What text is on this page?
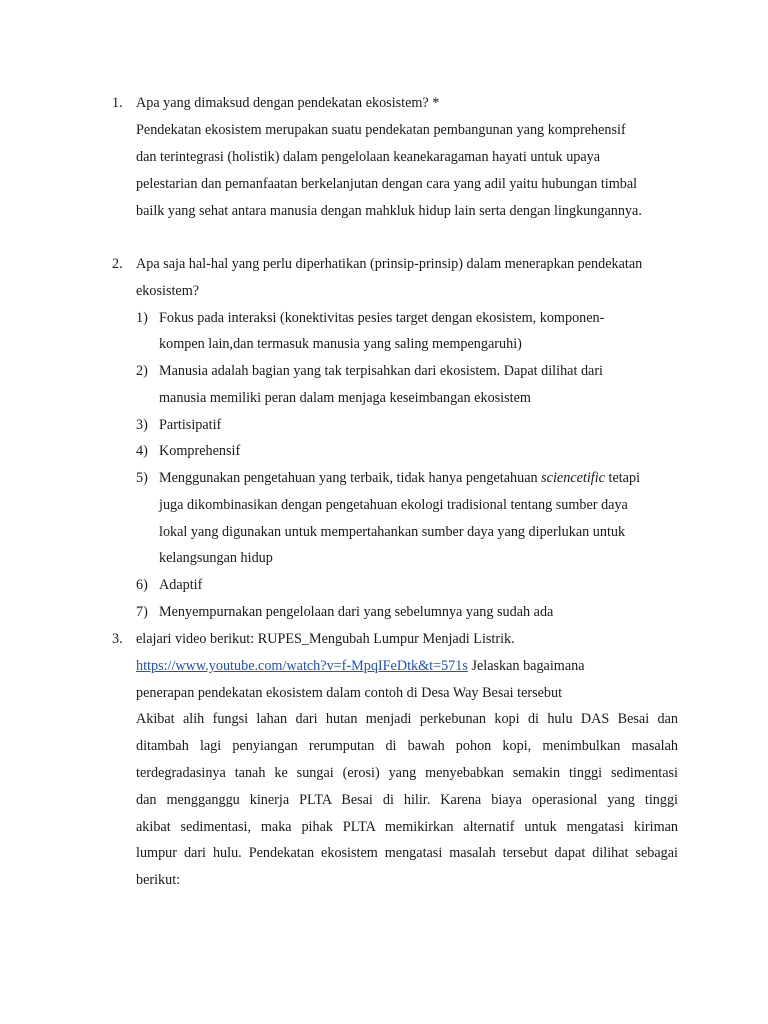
1. Apa yang dimaksud dengan pendekatan ekosistem? *
Pendekatan ekosistem merupakan suatu pendekatan pembangunan yang komprehensif
dan terintegrasi (holistik) dalam pengelolaan keanekaragaman hayati untuk upaya
pelestarian dan pemanfaatan berkelanjutan dengan cara yang adil yaitu hubungan timbal
bailk yang sehat antara manusia dengan mahkluk hidup lain serta dengan lingkungannya.
2. Apa saja hal-hal yang perlu diperhatikan (prinsip-prinsip) dalam menerapkan pendekatan
ekosistem?
1) Fokus pada interaksi (konektivitas pesies target dengan ekosistem, komponen-
kompen lain,dan termasuk manusia yang saling mempengaruhi)
2) Manusia adalah bagian yang tak terpisahkan dari ekosistem. Dapat dilihat dari
manusia memiliki peran dalam menjaga keseimbangan ekosistem
3) Partisipatif
4) Komprehensif
5) Menggunakan pengetahuan yang terbaik, tidak hanya pengetahuan sciencetific tetapi
juga dikombinasikan dengan pengetahuan ekologi tradisional tentang sumber daya
lokal yang digunakan untuk mempertahankan sumber daya yang diperlukan untuk
kelangsungan hidup
6) Adaptif
7) Menyempurnakan pengelolaan dari yang sebelumnya yang sudah ada
3. elajari video berikut: RUPES_Mengubah Lumpur Menjadi Listrik.
https://www.youtube.com/watch?v=f-MpqIFeDtk&t=571s Jelaskan bagaimana
penerapan pendekatan ekosistem dalam contoh di Desa Way Besai tersebut
Akibat alih fungsi lahan dari hutan menjadi perkebunan kopi di hulu DAS Besai dan
ditambah lagi penyiangan rerumputan di bawah pohon kopi, menimbulkan masalah
terdegradasinya tanah ke sungai (erosi) yang menyebabkan semakin tinggi sedimentasi
dan mengganggu kinerja PLTA Besai di hilir. Karena biaya operasional yang tinggi
akibat sedimentasi, maka pihak PLTA memikirkan alternatif untuk mengatasi kiriman
lumpur dari hulu. Pendekatan ekosistem mengatasi masalah tersebut dapat dilihat sebagai
berikut:
